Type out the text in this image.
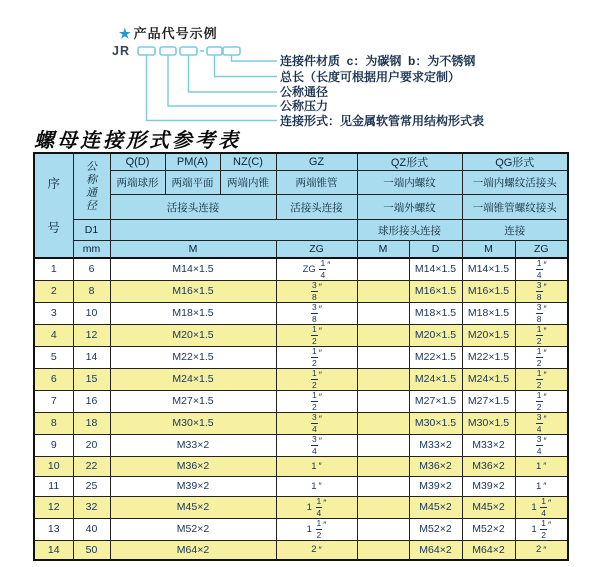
★ 产品代号示例
JR
连接件材质  c：为碳钢  b：为不锈钢
总长（长度可根据用户要求定制）
公称通径
公称压力
连接形式：见金属软管常用结构形式表
螺母连接形式参考表
序
号	公
称
通
径	Q(D)	PM(A)	NZ(C)	GZ	QZ形式		QG形式	
		两端球形	两端平面	两端内锥	两端锥管	一端内螺纹		一端内螺纹活接头	
		活接头连接			活接头连接	一端外螺纹		一端锥管螺纹接头	
	D1					球形接头连接		连接	
	mm	M			ZG	M	D	M	ZG
1	6	M14×1.5			ZG $\frac{1}{4}$ ″		M14×1.5	M14×1.5	$\frac{1}{4}$ ″
2	8	M16×1.5			$\frac{3}{8}$ ″		M16×1.5	M16×1.5	$\frac{3}{8}$ ″
3	10	M18×1.5			$\frac{3}{8}$ ″		M18×1.5	M18×1.5	$\frac{3}{8}$ ″
4	12	M20×1.5			$\frac{1}{2}$ ″		M20×1.5	M20×1.5	$\frac{1}{2}$ ″
5	14	M22×1.5			$\frac{1}{2}$ ″		M22×1.5	M22×1.5	$\frac{1}{2}$ ″
6	15	M24×1.5			$\frac{1}{2}$ ″		M24×1.5	M24×1.5	$\frac{1}{2}$ ″
7	16	M27×1.5			$\frac{1}{2}$ ″		M27×1.5	M27×1.5	$\frac{1}{2}$ ″
8	18	M30×1.5			$\frac{3}{4}$ ″		M30×1.5	M30×1.5	$\frac{3}{4}$ ″
9	20	M33×2			$\frac{3}{4}$ ″		M33×2	M33×2	$\frac{3}{4}$ ″
10	22	M36×2			1 ″		M36×2	M36×2	1 ″
11	25	M39×2			1 ″		M39×2	M39×2	1 ″
12	32	M45×2			$1 \frac{1}{4}$ ″		M45×2	M45×2	$1 \frac{1}{4}$ ″
13	40	M52×2			$1 \frac{1}{2}$ ″		M52×2	M52×2	$1 \frac{1}{2}$ ″
14	50	M64×2			2 ″		M64×2	M64×2	2 ″
